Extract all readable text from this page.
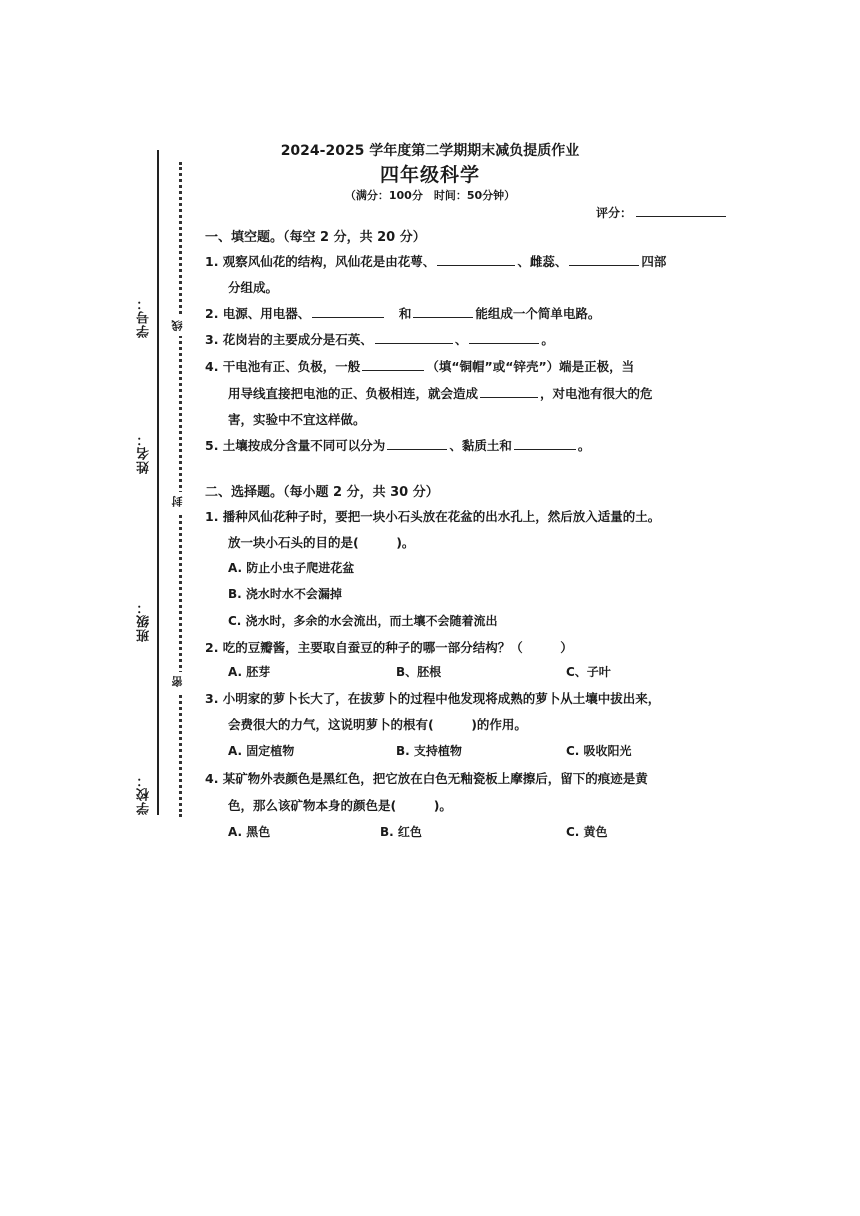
学号：
姓名：
班级：
学校：
线
封
密
2024-2025 学年度第二学期期末减负提质作业
四年级科学
（满分：100分　时间：50分钟）
评分：
一、填空题。（每空 2 分，共 20 分）
1. 观察风仙花的结构，风仙花是由花萼、	、雌蕊、	四部
分组成。
2. 电源、用电器、　	和	能组成一个简单电路。
3. 花岗岩的主要成分是石英、	、	。
4. 干电池有正、负极，一般	（填“铜帽”或“锌壳”）端是正极，当
用导线直接把电池的正、负极相连，就会造成	，对电池有很大的危
害，实验中不宜这样做。
5. 土壤按成分含量不同可以分为	、黏质土和	。
二、选择题。（每小题 2 分，共 30 分）
1. 播种风仙花种子时，要把一块小石头放在花盆的出水孔上，然后放入适量的土。
放一块小石头的目的是(　　　)。
A. 防止小虫子爬进花盆
B. 浇水时水不会漏掉
C. 浇水时，多余的水会流出，而土壤不会随着流出
2. 吃的豆瓣酱，主要取自蚕豆的种子的哪一部分结构？（　　　）
A. 胚芽	B、胚根	C、子叶
3. 小明家的萝卜长大了，在拔萝卜的过程中他发现将成熟的萝卜从土壤中拔出来，
会费很大的力气，这说明萝卜的根有(　　　)的作用。
A. 固定植物	B. 支持植物	C. 吸收阳光
4. 某矿物外表颜色是黑红色，把它放在白色无釉瓷板上摩擦后，留下的痕迹是黄
色，那么该矿物本身的颜色是(　　　)。
A. 黑色	B. 红色	C. 黄色
